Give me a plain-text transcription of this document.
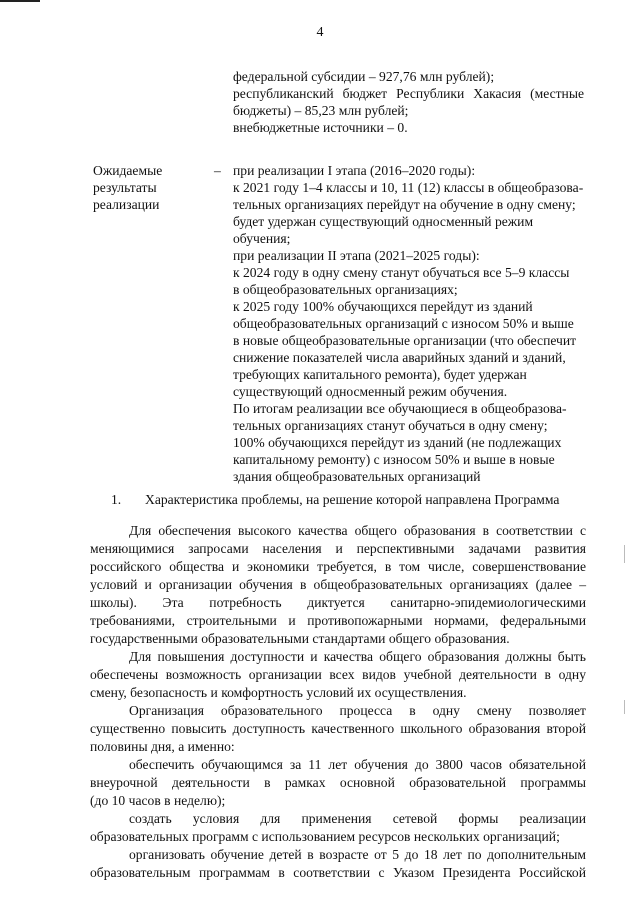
4
федеральной субсидии – 927,76 млн рублей);
республиканский бюджет Республики Хакасия (местные
бюджеты) – 85,23 млн рублей;
внебюджетные источники – 0.
Ожидаемые
результаты
реализации
– при реализации I этапа (2016–2020 годы):
к 2021 году 1–4 классы и 10, 11 (12) классы в общеобразова-
тельных организациях перейдут на обучение в одну смену;
будет удержан существующий односменный режим
обучения;
при реализации II этапа (2021–2025 годы):
к 2024 году в одну смену станут обучаться все 5–9 классы
в общеобразовательных организациях;
к 2025 году 100% обучающихся перейдут из зданий
общеобразовательных организаций с износом 50% и выше
в новые общеобразовательные организации (что обеспечит
снижение показателей числа аварийных зданий и зданий,
требующих капитального ремонта), будет удержан
существующий односменный режим обучения.
По итогам реализации все обучающиеся в общеобразова-
тельных организациях станут обучаться в одну смену;
100% обучающихся перейдут из зданий (не подлежащих
капитальному ремонту) с износом 50% и выше в новые
здания общеобразовательных организаций
1. Характеристика проблемы, на решение которой направлена Программа
Для обеспечения высокого качества общего образования в соответствии с
меняющимися запросами населения и перспективными задачами развития
российского общества и экономики требуется, в том числе, совершенствование
условий и организации обучения в общеобразовательных организациях (далее –
школы). Эта потребность диктуется санитарно-эпидемиологическими
требованиями, строительными и противопожарными нормами, федеральными
государственными образовательными стандартами общего образования.
Для повышения доступности и качества общего образования должны быть
обеспечены возможность организации всех видов учебной деятельности в одну
смену, безопасность и комфортность условий их осуществления.
Организация образовательного процесса в одну смену позволяет
существенно повысить доступность качественного школьного образования второй
половины дня, а именно:
обеспечить обучающимся за 11 лет обучения до 3800 часов обязательной
внеурочной деятельности в рамках основной образовательной программы
(до 10 часов в неделю);
создать условия для применения сетевой формы реализации
образовательных программ с использованием ресурсов нескольких организаций;
организовать обучение детей в возрасте от 5 до 18 лет по дополнительным
образовательным программам в соответствии с Указом Президента Российской
